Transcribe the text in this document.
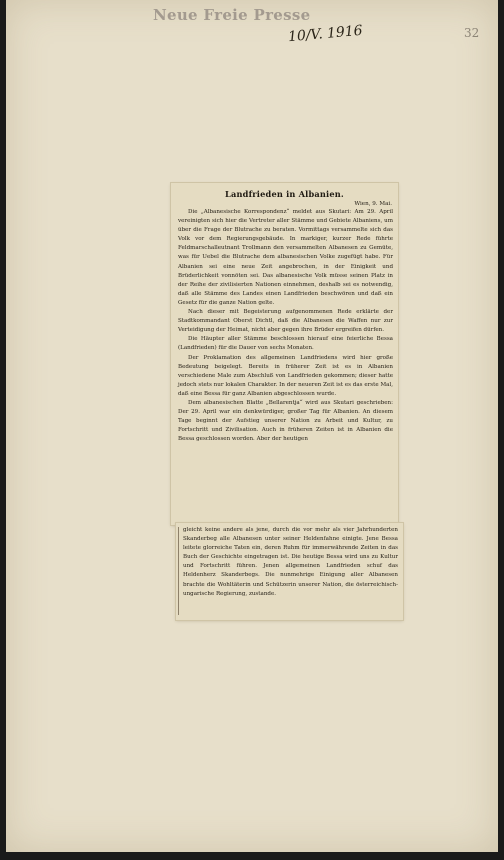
Neue Freie Presse
10/V. 1916	32
Landfrieden in Albanien.
Wien, 9. Mai.

Die „Albanesische Korrespondenz“ meldet aus Skutari: Am 29. April vereinigten sich hier die Vertreter aller Stämme und Gebiete Albaniens, um über die Frage der Blutrache zu beraten. Vormittags versammelte sich das Volk vor dem Regierungsgebäude. In markiger, kurzer Rede führte Feldmarschalleutnant Trollmann den versammelten Albanesen zu Gemüte, was für Uebel die Blutrache dem albanesischen Volke zugefügt habe. Für Albanien sei eine neue Zeit angebrochen, in der Einigkeit und Brüderlichkeit vonnöten sei. Das albanesische Volk müsse seinen Platz in der Reihe der zivilisierten Nationen einnehmen, deshalb sei es notwendig, daß alle Stämme des Landes einen Landfrieden beschwören und daß ein Gesetz für die ganze Nation gelte.

Nach dieser mit Begeisterung aufgenommenen Rede erklärte der Stadtkommandant Oberst Dichtl, daß die Albanesen die Waffen nur zur Verteidigung der Heimat, nicht aber gegen ihre Brüder ergreifen dürfen.

Die Häupter aller Stämme beschlossen hierauf eine feierliche Bessa (Landfrieden) für die Dauer von sechs Monaten.

Der Proklamation des allgemeinen Landfriedens wird hier große Bedeutung beigelegt. Bereits in früherer Zeit ist es in Albanien verschiedene Male zum Abschluß von Landfrieden gekommen; dieser hatte jedoch stets nur lokalen Charakter. In der neueren Zeit ist es das erste Mal, daß eine Bessa für ganz Albanien abgeschlossen wurde.

Dem albanesischen Blatte „Bellarentja“ wird aus Skutari geschrieben: Der 29. April war ein denkwürdiger, großer Tag für Albanien. An diesem Tage beginnt der Aufstieg unserer Nation zu Arbeit und Kultur, zu Fortschritt und Zivilisation. Auch in früheren Zeiten ist in Albanien die Bessa geschlossen worden. Aber der heutigen

gleicht keine andere als jene, durch die vor mehr als vier Jahrhunderten Skanderbeg alle Albanesen unter seiner Heldenfahne einigte. Jene Bessa leitete glorreiche Taten ein, deren Ruhm für immerwährende Zeiten in das Buch der Geschichte eingetragen ist. Die heutige Bessa wird uns zu Kultur und Fortschritt führen. Jenen allgemeinen Landfrieden schuf das Heldenherz Skanderbegs. Die nunmehrige Einigung aller Albanesen brachte die Wohltäterin und Schützerin unserer Nation, die österreichisch-ungarische Regierung, zustande.
